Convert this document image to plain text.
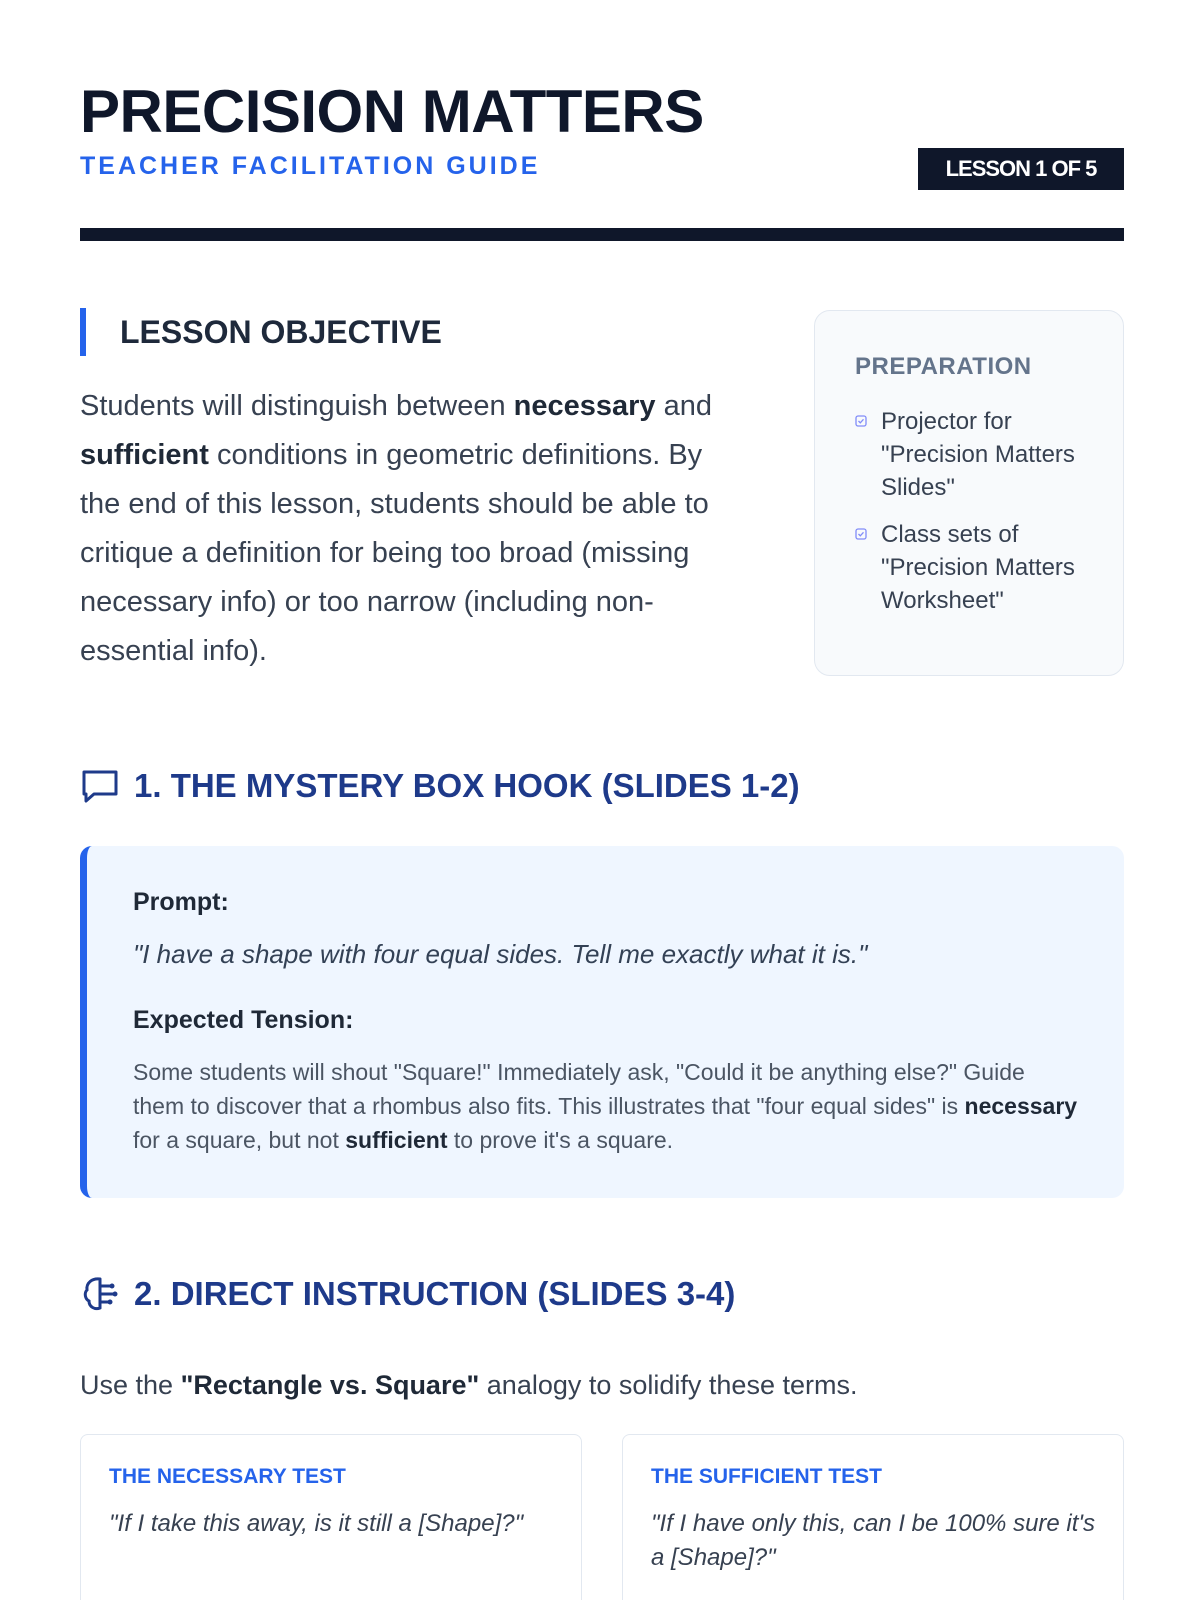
PRECISION MATTERS
TEACHER FACILITATION GUIDE	LESSON 1 OF 5
LESSON OBJECTIVE

Students will distinguish between necessary and sufficient conditions in geometric definitions. By the end of this lesson, students should be able to critique a definition for being too broad (missing necessary info) or too narrow (including non-essential info).

PREPARATION
Projector for "Precision Matters Slides"
Class sets of "Precision Matters Worksheet"
1. THE MYSTERY BOX HOOK (SLIDES 1-2)
Prompt:
"I have a shape with four equal sides. Tell me exactly what it is."
Expected Tension:

Some students will shout "Square!" Immediately ask, "Could it be anything else?" Guide them to discover that a rhombus also fits. This illustrates that "four equal sides" is necessary for a square, but not sufficient to prove it's a square.

2. DIRECT INSTRUCTION (SLIDES 3-4)

Use the "Rectangle vs. Square" analogy to solidify these terms.

THE NECESSARY TEST
"If I take this away, is it still a [Shape]?"
THE SUFFICIENT TEST
"If I have only this, can I be 100% sure it's a [Shape]?"
